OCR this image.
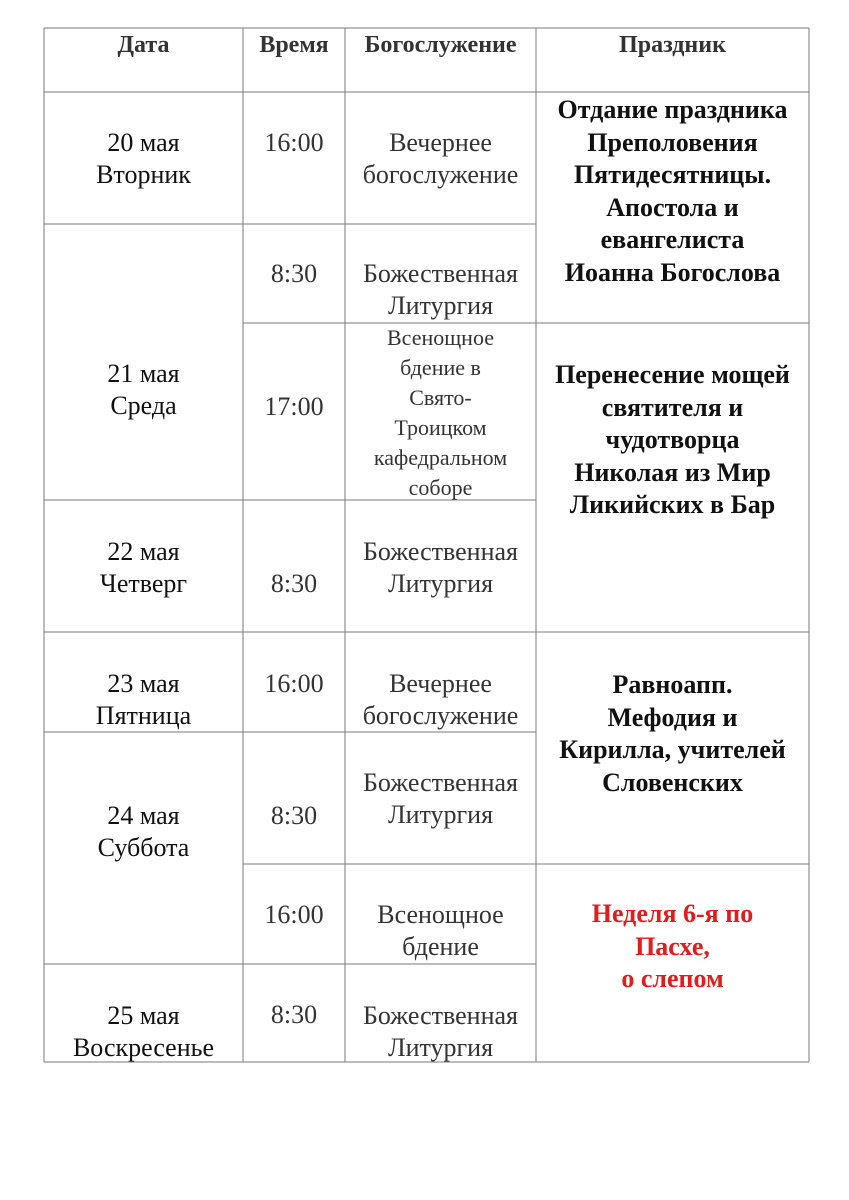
Дата	Время Богослужение	Праздник
20 мая
Вторник
21 мая
Среда
22 мая
Четверг
23 мая
Пятница
24 мая
Суббота
25 мая
Воскресенье
16:00
8:30
17:00
8:30
16:00
8:30
16:00
8:30
Вечернее
богослужение
Божественная
Литургия
Всенощное
бдение в
Свято-
Троицком
кафедральном
соборе
Божественная
Литургия
Вечернее
богослужение
Божественная
Литургия
Всенощное
бдение
Божественная
Литургия
Отдание праздника
Преполовения
Пятидесятницы.
Апостола и
евангелиста
Иоанна Богослова
Перенесение мощей
святителя и
чудотворца
Николая из Мир
Ликийских в Бар
Равноапп.
Мефодия и
Кирилла, учителей
Словенских
Неделя 6-я по
Пасхе,
о слепом
